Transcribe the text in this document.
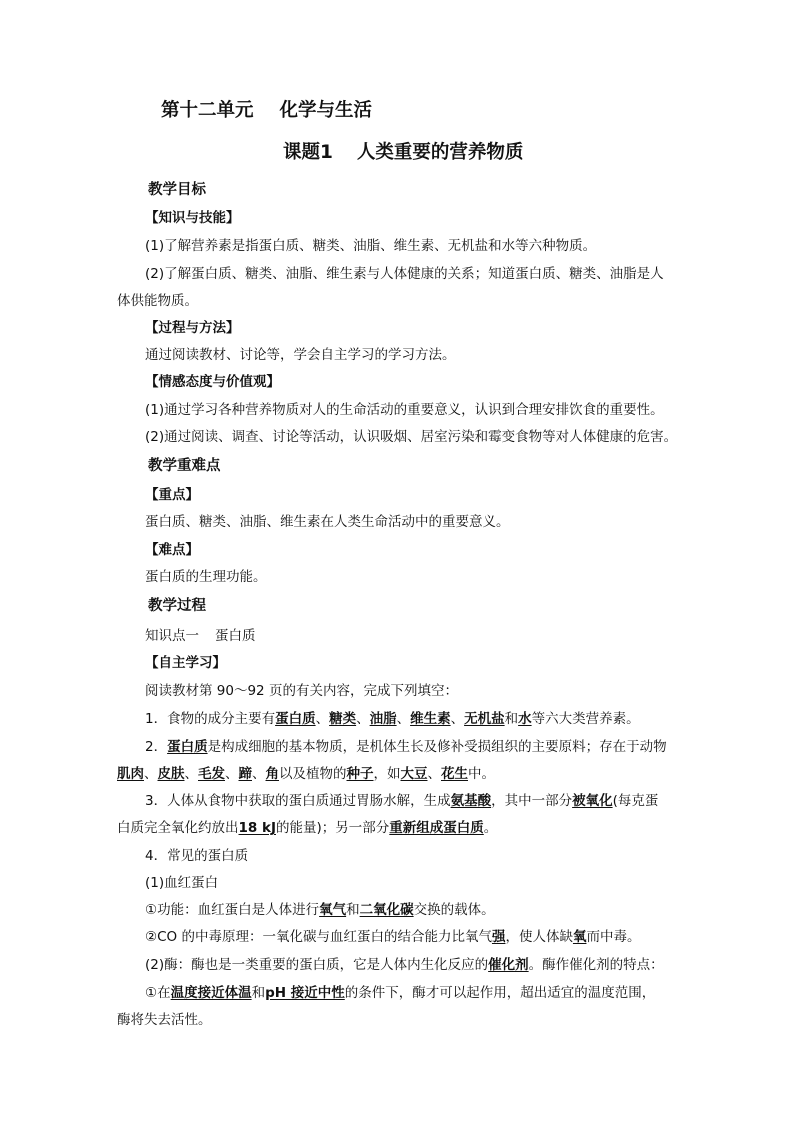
第十二单元 化学与生活
课题1 人类重要的营养物质
教学目标
【知识与技能】
(1)了解营养素是指蛋白质、糖类、油脂、维生素、无机盐和水等六种物质。
(2)了解蛋白质、糖类、油脂、维生素与人体健康的关系；知道蛋白质、糖类、油脂是人
体供能物质。
【过程与方法】
通过阅读教材、讨论等，学会自主学习的学习方法。
【情感态度与价值观】
(1)通过学习各种营养物质对人的生命活动的重要意义，认识到合理安排饮食的重要性。
(2)通过阅读、调查、讨论等活动，认识吸烟、居室污染和霉变食物等对人体健康的危害。
教学重难点
【重点】
蛋白质、糖类、油脂、维生素在人类生命活动中的重要意义。
【难点】
蛋白质的生理功能。
教学过程
知识点一 蛋白质
【自主学习】
阅读教材第 90～92 页的有关内容，完成下列填空：
1．食物的成分主要有蛋白质、糖类、油脂、维生素、无机盐和水等六大类营养素。
2．蛋白质是构成细胞的基本物质，是机体生长及修补受损组织的主要原料；存在于动物
肌肉、皮肤、毛发、蹄、角以及植物的种子，如大豆、花生中。
3．人体从食物中获取的蛋白质通过胃肠水解，生成氨基酸，其中一部分被氧化(每克蛋
白质完全氧化约放出18 kJ的能量)；另一部分重新组成蛋白质。
4．常见的蛋白质
(1)血红蛋白
①功能：血红蛋白是人体进行氧气和二氧化碳交换的载体。
②CO 的中毒原理：一氧化碳与血红蛋白的结合能力比氧气强，使人体缺氧而中毒。
(2)酶：酶也是一类重要的蛋白质，它是人体内生化反应的催化剂。酶作催化剂的特点：
①在温度接近体温和pH 接近中性的条件下，酶才可以起作用，超出适宜的温度范围，
酶将失去活性。
